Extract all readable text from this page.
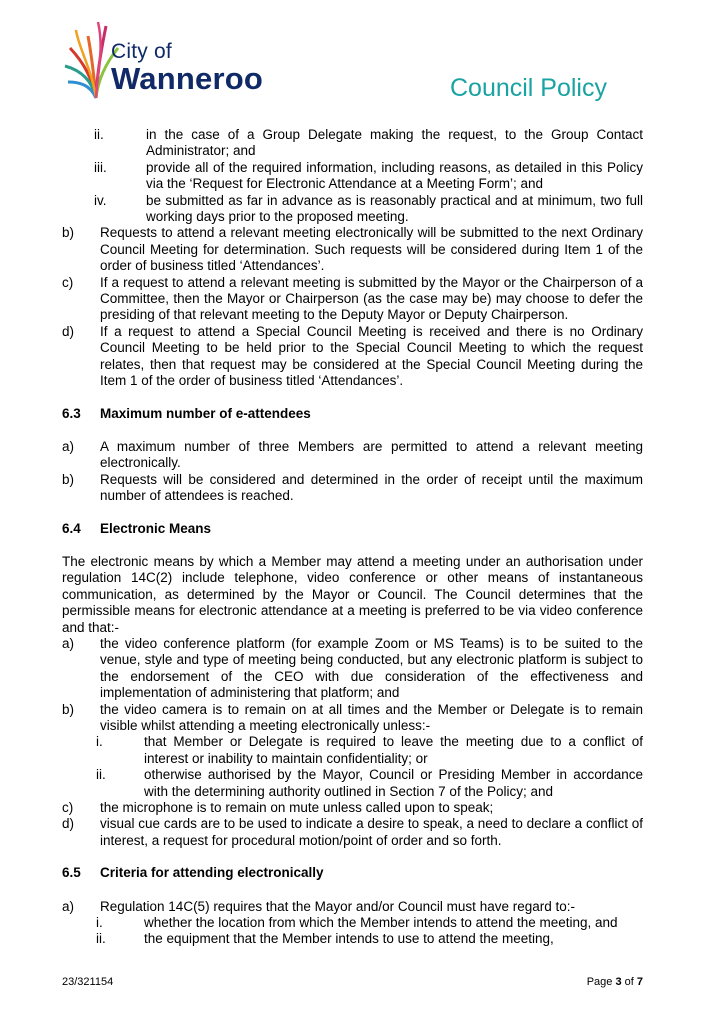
City of
Wanneroo	Council Policy
ii.	in the case of a Group Delegate making the request, to the Group Contact Administrator; and
iii.	provide all of the required information, including reasons, as detailed in this Policy via the ‘Request for Electronic Attendance at a Meeting Form’; and
iv.	be submitted as far in advance as is reasonably practical and at minimum, two full working days prior to the proposed meeting.
b)	Requests to attend a relevant meeting electronically will be submitted to the next Ordinary Council Meeting for determination. Such requests will be considered during Item 1 of the order of business titled ‘Attendances’.
c)	If a request to attend a relevant meeting is submitted by the Mayor or the Chairperson of a Committee, then the Mayor or Chairperson (as the case may be) may choose to defer the presiding of that relevant meeting to the Deputy Mayor or Deputy Chairperson.
d)	If a request to attend a Special Council Meeting is received and there is no Ordinary Council Meeting to be held prior to the Special Council Meeting to which the request relates, then that request may be considered at the Special Council Meeting during the Item 1 of the order of business titled ‘Attendances’.
6.3	Maximum number of e-attendees
a)	A maximum number of three Members are permitted to attend a relevant meeting electronically.
b)	Requests will be considered and determined in the order of receipt until the maximum number of attendees is reached.
6.4	Electronic Means

The electronic means by which a Member may attend a meeting under an authorisation under regulation 14C(2) include telephone, video conference or other means of instantaneous communication, as determined by the Mayor or Council. The Council determines that the permissible means for electronic attendance at a meeting is preferred to be via video conference and that:-

a)	the video conference platform (for example Zoom or MS Teams) is to be suited to the venue, style and type of meeting being conducted, but any electronic platform is subject to the endorsement of the CEO with due consideration of the effectiveness and implementation of administering that platform; and
b)	the video camera is to remain on at all times and the Member or Delegate is to remain visible whilst attending a meeting electronically unless:-
i.	that Member or Delegate is required to leave the meeting due to a conflict of interest or inability to maintain confidentiality; or
ii.	otherwise authorised by the Mayor, Council or Presiding Member in accordance with the determining authority outlined in Section 7 of the Policy; and
c)	the microphone is to remain on mute unless called upon to speak;
d)	visual cue cards are to be used to indicate a desire to speak, a need to declare a conflict of interest, a request for procedural motion/point of order and so forth.
6.5	Criteria for attending electronically
a)	Regulation 14C(5) requires that the Mayor and/or Council must have regard to:-
i.	whether the location from which the Member intends to attend the meeting, and
ii.	the equipment that the Member intends to use to attend the meeting,
23/321154	Page 3 of 7
